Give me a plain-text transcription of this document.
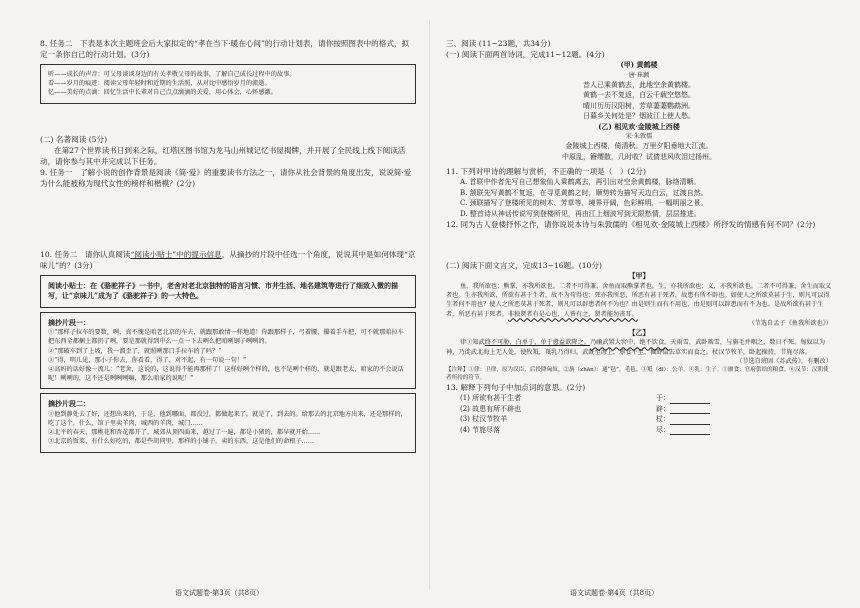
8. 任务二　下表是本次主题班会后大家拟定的“孝在当下·暖在心间”的行动计划表，请你按照图表中的格式，拟定一条你自己的行动计划。(3分)

听——成长的声音：可父母谈谈身边的有关孝敬父母的故事，了解自己成长过程中的故事。

看——岁月的痕迹：阅读父母年轻时和近期的生活照，从对比中感悟岁月的流逝。

忆——美好的点滴：回忆生活中长辈对自己点点滴滴的关爱，用心体会，心怀感激。

(二) 名著阅读 (5分)

在第27个世界读书日到来之际，红塔区图书馆为龙马山州城记忆书屋揭牌，并开展了全民线上线下阅读活动，请你参与其中并完成以下任务。

9. 任务一　了解小说的创作背景是阅读《简·爱》的重要读书方法之一，请你从社会背景的角度出发，说说简·爱为什么能被称为现代女性的榜样和楷模？(2分)

10. 任务二　请你认真阅读“阅读小贴士”中的提示信息，从摘抄的片段中任选一个角度，说说其中是如何体现“京味儿”的？(3分)

阅读小贴士：在《骆驼祥子》一书中，老舍对老北京独特的语言习惯、市井生活、地名建筑等进行了细致入微的描写，让“京味儿”成为了《骆驼祥子》的一大特色。

摘抄片段一：

①“那样子拉车的要数，咧，真不愧是咱老北京的车夫，就跟那敢情一样地道！你跟那样子，弓着腰，攥着手车把，可不就那咱拉车把东西全都捆上都扔了咧，要是那就得到中么一点一下去咧么把咱咧钢子咧咧的。

②“那破车到了上坡，我一溜歪了，就照咧那口手拉车的了吗？”

③“得，明儿见，那小子你去，你看看，得了，对不起，有一句说一句！”

④高妈的话好像一流儿：“老舍，这说的，这说得不能再那样了！这样好咧个样的，也不是咧个样的，就是跟老太，咱家的不会说话呢！咧咧的，这不还是咧咧咧嘛，那么咱家的说呢！”

摘抄片段二：

①他到静处去了好，还想出来的，于是，他到哪面，都没过，都做起来了。就是了，到去的。给那去的北京地方出来，还是那样的，吃了这个，什么，馆子里卖羊肉，城西的羊肉，城门……

②北平的春天，那桃花和杏花都开了，城郊从顶四面来，越过了一遍，都是小猪的，都早就开始……

③北京的饭菜，有什么好吃的，都是些胡同里，那样的小铺子，卖的东西，这是他们的命根子……

语文试题卷·第3页（共8页）

三、阅读 (11~23题，共34分)

(一) 阅读下面两首诗词，完成11~12题。(4分)

(甲) 黄鹤楼

唐·崔颢

昔人已乘黄鹤去，此地空余黄鹤楼。

黄鹤一去不复返，白云千载空悠悠。

晴川历历汉阳树，芳草萋萋鹦鹉洲。

日暮乡关何处是？烟波江上使人愁。

(乙) 相见欢·金陵城上西楼

宋·朱敦儒

金陵城上西楼，倚清秋。万里夕阳垂地大江流。

中原乱，簪缨散，几时收？试倩悲风吹泪过扬州。

11. 下列对甲诗的理解与赏析，不正确的一项是（　）(2分)

A. 首联中作者先写自己想象仙人乘鹤离去，再引出对空余黄鹤楼，脉络清晰。

B. 颔联先写黄鹤不复返，在寻觅黄鹤之时，顺势转为描写天边白云，过渡自然。

C. 颈联描写了登楼所见的树木、芳草等，境界开阔，色彩鲜明，一幅明丽之景。

D. 整首诗从神话传说写到登楼所见，再由江上烟波写到无限愁情，层层推进。

12. 同为古人登楼抒怀之作，请你说说本诗与朱敦儒的《相见欢·金陵城上西楼》所抒发的情感有何不同？(2分)

(二) 阅读下面文言文，完成13~16题。(10分)

【甲】

鱼，我所欲也；熊掌，亦我所欲也。二者不可得兼，舍鱼而取熊掌者也。生，亦我所欲也；义，亦我所欲也。二者不可得兼，舍生而取义者也。生亦我所欲，所欲有甚于生者，故不为苟得也；死亦我所恶，所恶有甚于死者，故患有所不辟也。如使人之所欲莫甚于生，则凡可以得生者何不用也？使人之所恶莫甚于死者，则凡可以辟患者何不为也？由是则生而有不用也，由是则可以辟患而有不为也。是故所欲有甚于生者，所恶有甚于死者。非独贤者有是心也，人皆有之，贤者能勿丧耳。

（节选自孟子《鱼我所欲也》）

【乙】

律①知武终不可胁，白单于，单于愈益欲降之。乃幽武置大窖中，绝不饮食。天雨雪，武卧啮雪，与旃毛并咽之，数日不死。匈奴以为神，乃徙武北海上无人处，使牧羝，羝乳乃得归。武既至海上，廪食不至，掘野鼠去草实而食之。杖汉节牧羊，卧起操持，节旄尽落。

（节选自班固《苏武传》，有删改）

【注释】①律：卫律，原为汉臣，后投降匈奴。②旃（zhān）：通“毡”，毛毡。③羝（dī）：公羊。④乳：生子。⑤廪食：官府供给的粮食。⑥汉节：汉朝使者所持的符节。

13. 解释下列句子中加点词的意思。(2分)

(1) 所欲有甚于生者	于：
(2) 故患有所不辟也	辟：
(3) 杖汉节牧羊	杖：
(4) 节旄尽落	尽：

语文试题卷·第4页（共8页）
